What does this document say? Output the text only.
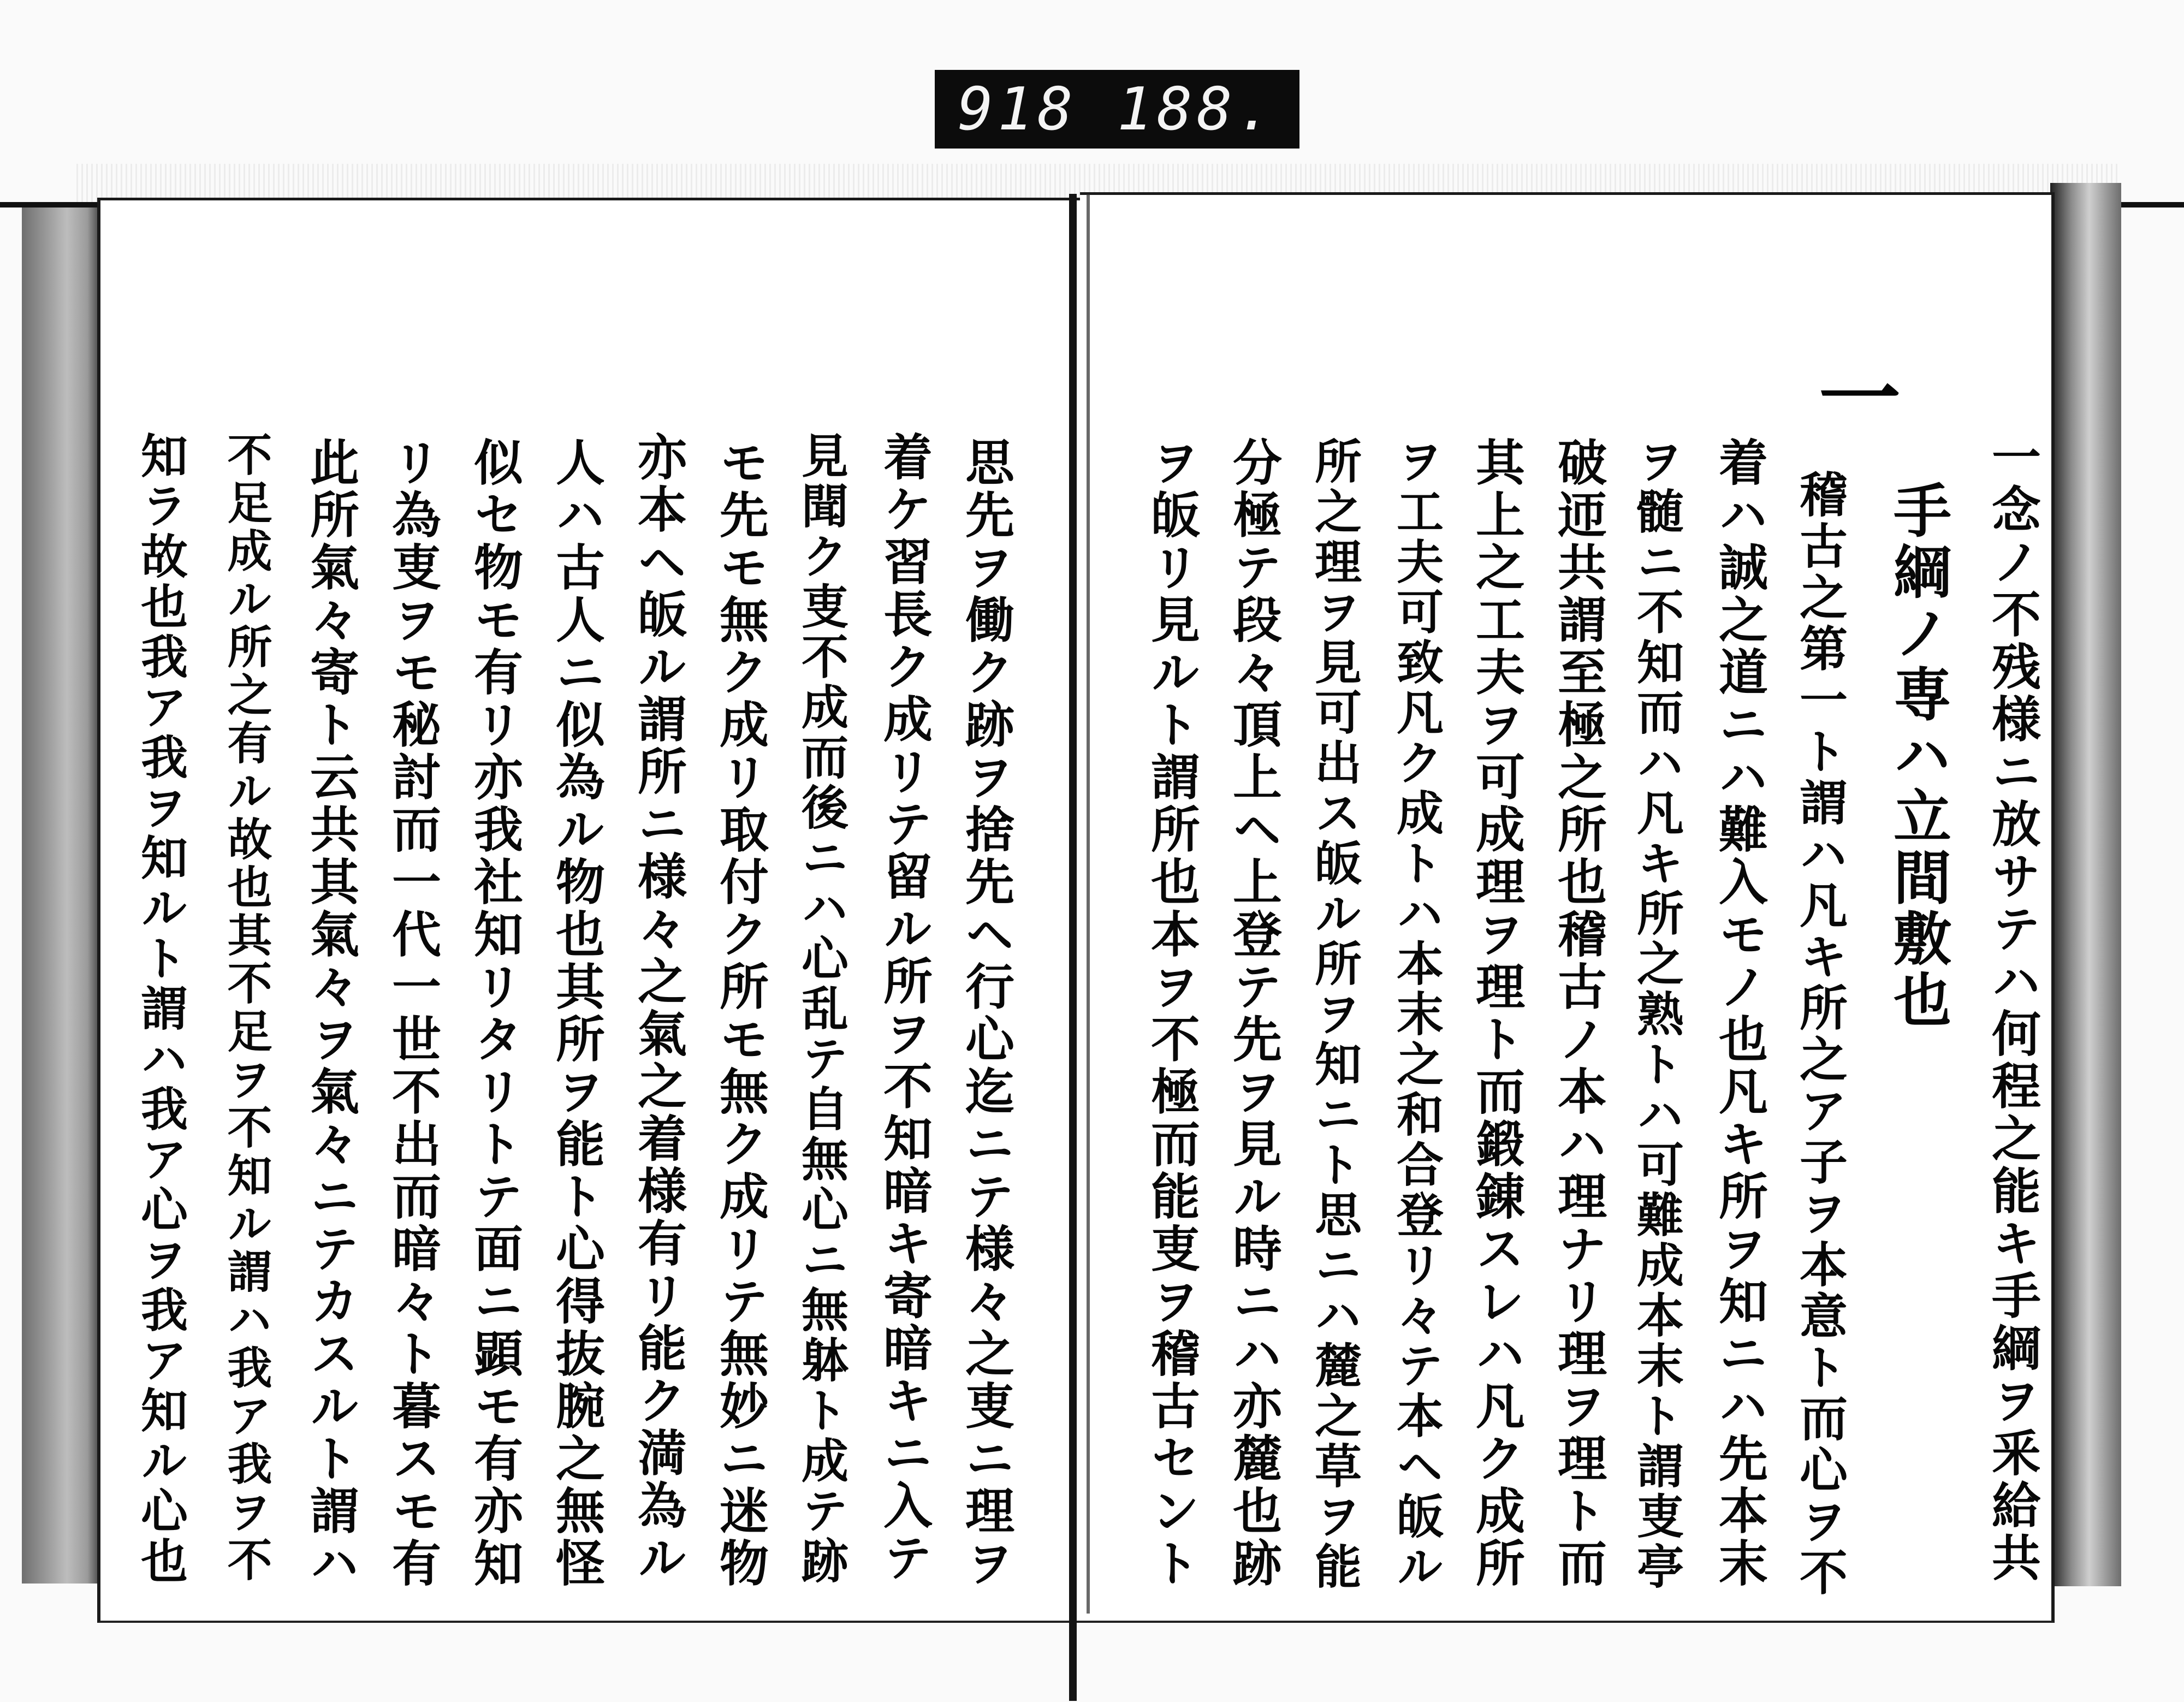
918 188.
一念ノ不残様ニ放サテハ何程之能キ手綱ヲ釆給共
手綱ノ専ハ立間敷也
一
稽古之第一ト謂ハ凡キ所之ア子ヲ本意ト而心ヲ不
着ハ誠之道ニハ難入モノ也凡キ所ヲ知ニハ先本末
ヲ髄ニ不知而ハ凡キ所之熟トハ可難成本末ト謂叓亭
破迊共謂至極之所也稽古ノ本ハ理ナリ理ヲ理ト而
其上之工夫ヲ可成理ヲ理ト而鍛錬スレハ凡ク成所
ヲ工夫可致凡ク成トハ本末之和合登リ々テ本ヘ皈ル
所之理ヲ見可出ス皈ル所ヲ知ニト思ニハ麓之草ヲ能
分極テ段々頂上ヘ上登テ先ヲ見ル時ニハ亦麓也跡
ヲ皈リ見ルト謂所也本ヲ不極而能叓ヲ稽古セント
思先ヲ働ク跡ヲ捨先ヘ行心迄ニテ様々之叓ニ理ヲ
着ケ習長ク成リテ留ル所ヲ不知暗キ寄暗キニ入テ
見聞ク叓不成而後ニハ心乱テ自無心ニ無躰ト成テ跡
モ先モ無ク成リ取付ク所モ無ク成リテ無妙ニ迷物
亦本ヘ皈ル謂所ニ様々之氣之着様有リ能ク満為ル
人ハ古人ニ似為ル物也其所ヲ能ト心得抜腕之無怪
似セ物モ有リ亦我社知リタリトテ面ニ顕モ有亦知
リ為叓ヲモ秘討而一代一世不出而暗々ト暮スモ有
此所氣々寄ト云共其氣々ヲ氣々ニテカスルト謂ハ
不足成ル所之有ル故也其不足ヲ不知ル謂ハ我ア我ヲ不
知ラ故也我ア我ヲ知ルト謂ハ我ア心ヲ我ア知ル心也
